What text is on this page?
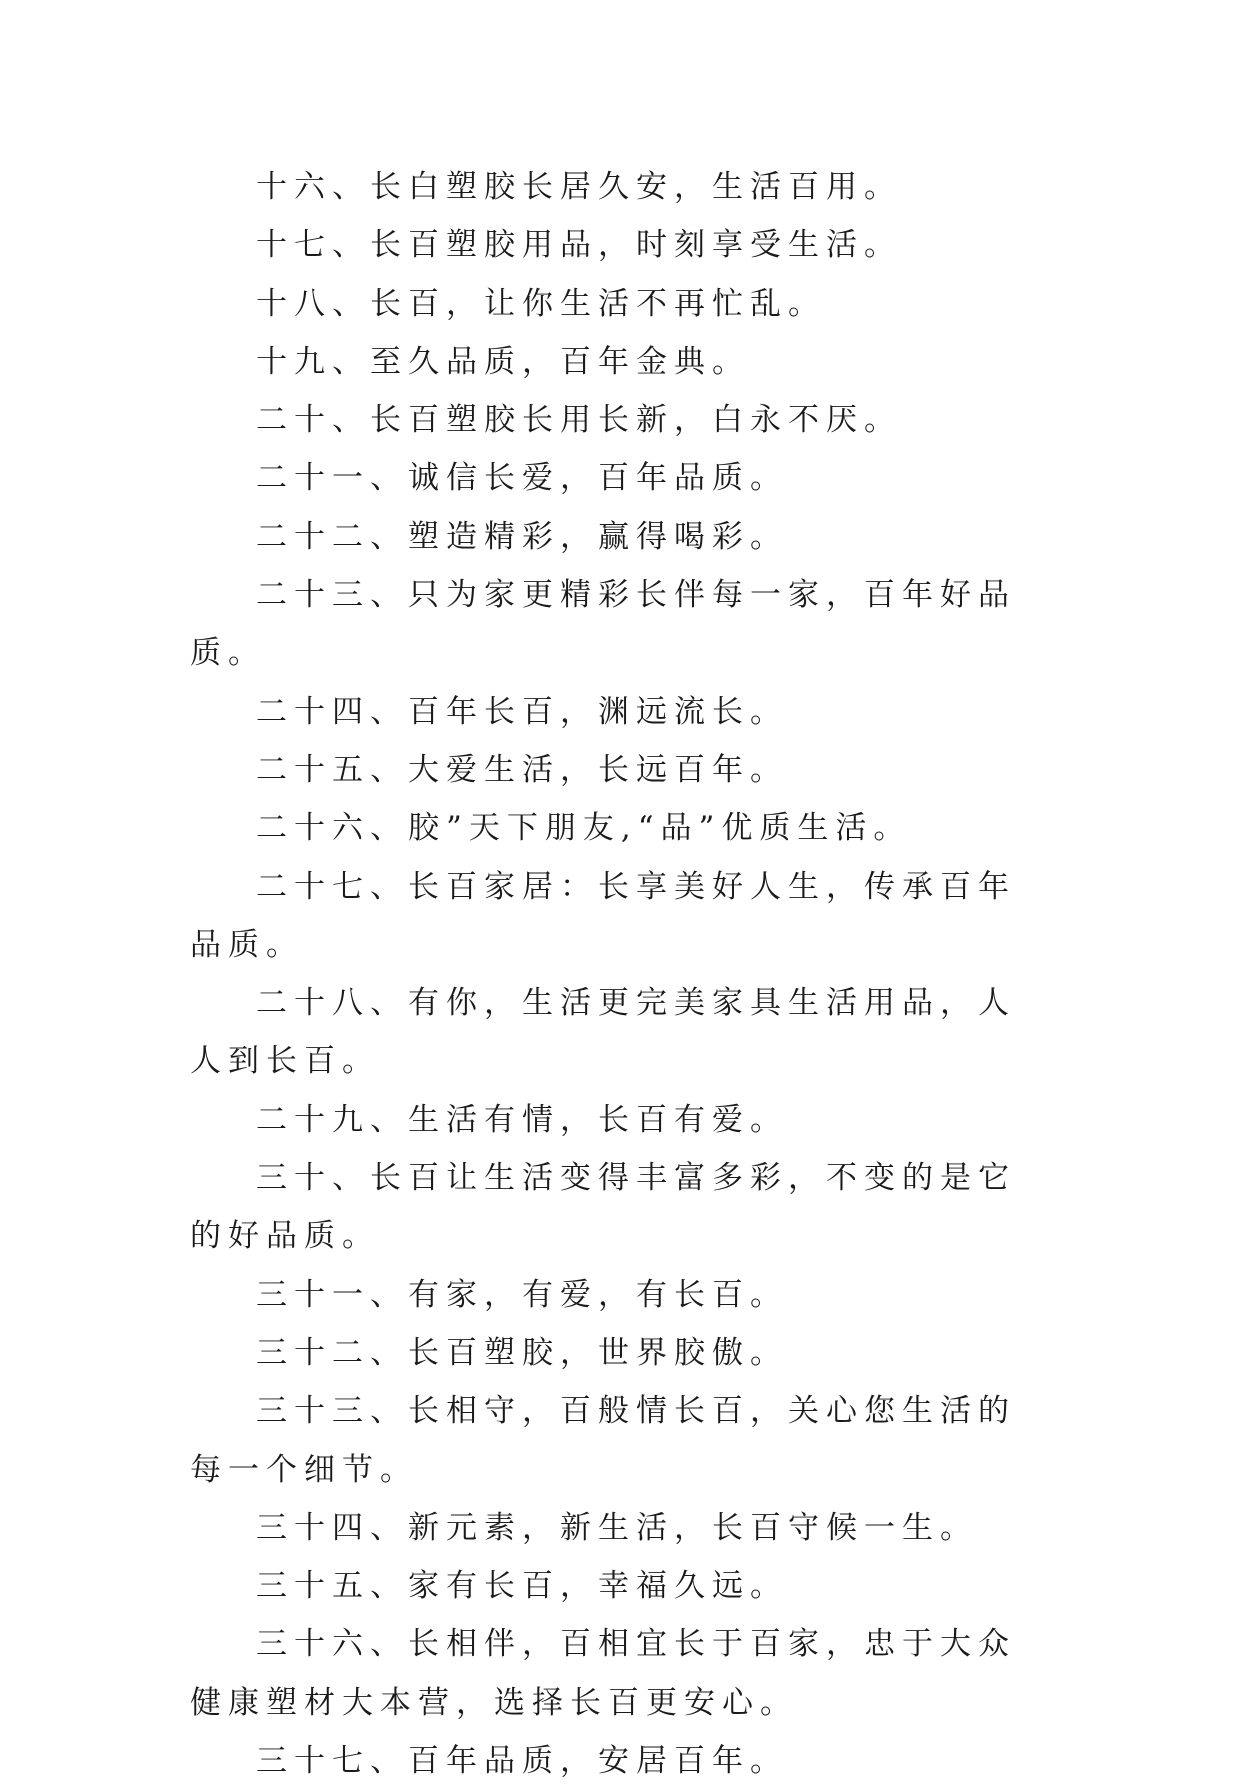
十六、长白塑胶长居久安，生活百用。

十七、长百塑胶用品，时刻享受生活。

十八、长百，让你生活不再忙乱。

十九、至久品质，百年金典。

二十、长百塑胶长用长新，白永不厌。

二十一、诚信长爱，百年品质。

二十二、塑造精彩，赢得喝彩。

二十三、只为家更精彩长伴每一家，百年好品质。

二十四、百年长百，渊远流长。

二十五、大爱生活，长远百年。

二十六、胶”天下朋友,“品”优质生活。

二十七、长百家居：长享美好人生，传承百年品质。

二十八、有你，生活更完美家具生活用品，人人到长百。

二十九、生活有情，长百有爱。

三十、长百让生活变得丰富多彩，不变的是它的好品质。

三十一、有家，有爱，有长百。

三十二、长百塑胶，世界胶傲。

三十三、长相守，百般情长百，关心您生活的每一个细节。

三十四、新元素，新生活，长百守候一生。

三十五、家有长百，幸福久远。

三十六、长相伴，百相宜长于百家，忠于大众健康塑材大本营，选择长百更安心。

三十七、百年品质，安居百年。
